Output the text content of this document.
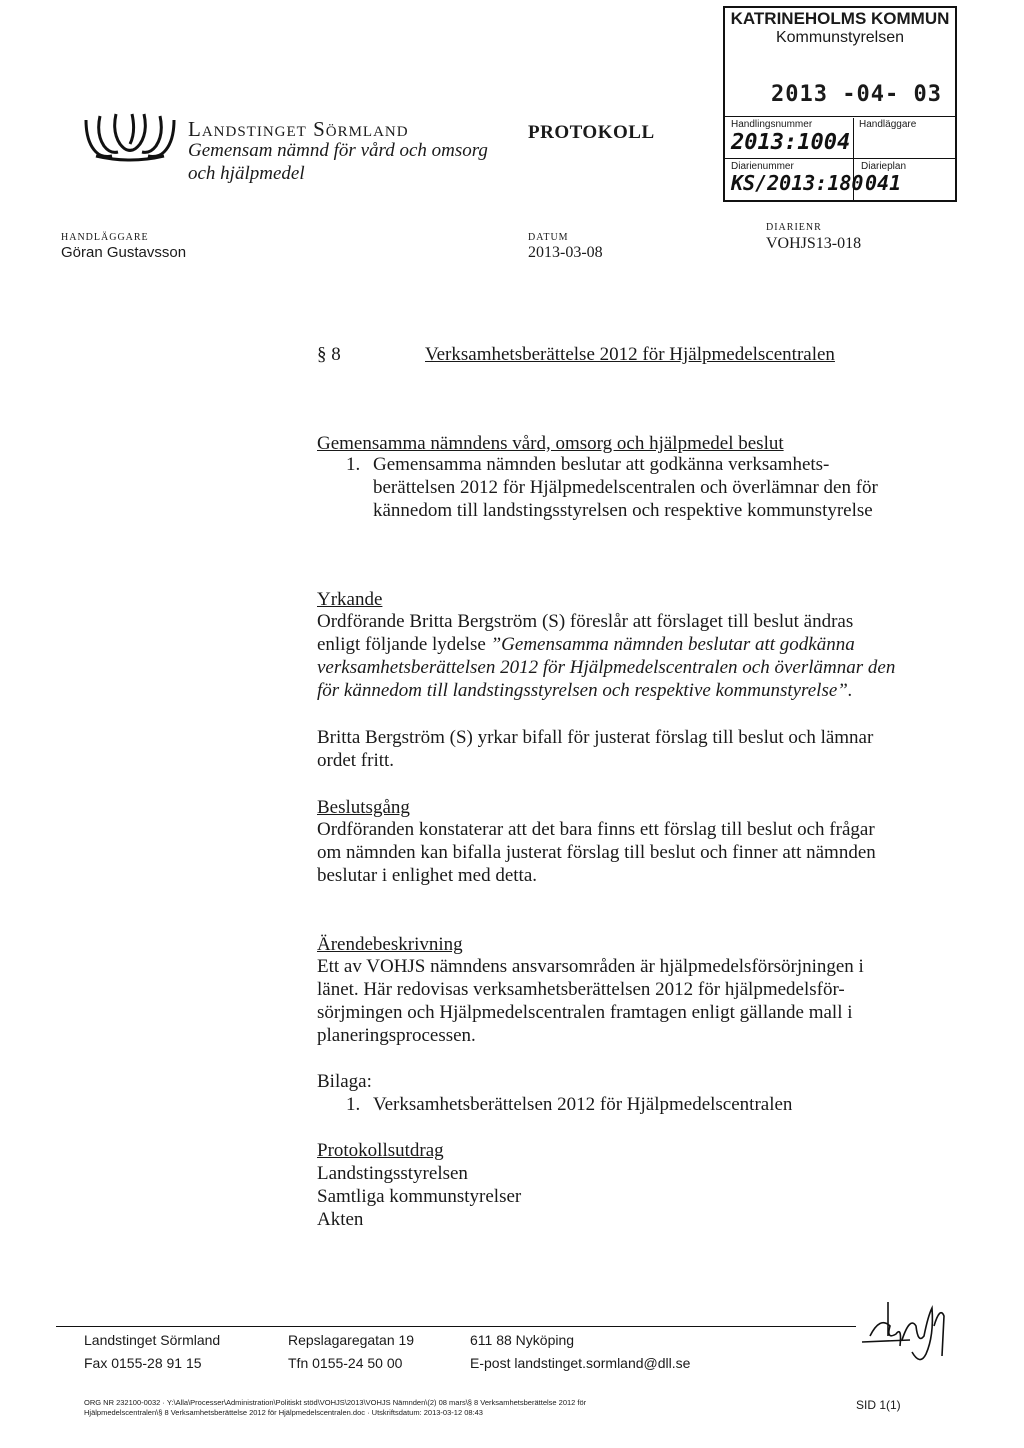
KATRINEHOLMS KOMMUN
Kommunstyrelsen
2013 -04- 03
Handlingsnummer
2013:1004
Handläggare
Diarienummer
KS/2013:180
Diarieplan
041
Landstinget Sörmland
Gemensam nämnd för vård och omsorg och hjälpmedel
HANDLÄGGARE
Göran Gustavsson
PROTOKOLL
DATUM
2013-03-08
DIARIENR
VOHJS13-018
§ 8	Verksamhetsberättelse 2012 för Hjälpmedelscentralen
Gemensamma nämndens vård, omsorg och hjälpmedel beslut
1. Gemensamma nämnden beslutar att godkänna verksamhets-
berättelsen 2012 för Hjälpmedelscentralen och överlämnar den för
kännedom till landstingsstyrelsen och respektive kommunstyrelse
Yrkande
Ordförande Britta Bergström (S) föreslår att förslaget till beslut ändras
enligt följande lydelse ”Gemensamma nämnden beslutar att godkänna
verksamhetsberättelsen 2012 för Hjälpmedelscentralen och överlämnar den
för kännedom till landstingsstyrelsen och respektive kommunstyrelse”.
Britta Bergström (S) yrkar bifall för justerat förslag till beslut och lämnar
ordet fritt.
Beslutsgång
Ordföranden konstaterar att det bara finns ett förslag till beslut och frågar
om nämnden kan bifalla justerat förslag till beslut och finner att nämnden
beslutar i enlighet med detta.
Ärendebeskrivning
Ett av VOHJS nämndens ansvarsområden är hjälpmedelsförsörjningen i
länet. Här redovisas verksamhetsberättelsen 2012 för hjälpmedelsför-
sörjmingen och Hjälpmedelscentralen framtagen enligt gällande mall i
planeringsprocessen.
Bilaga:
1. Verksamhetsberättelsen 2012 för Hjälpmedelscentralen
Protokollsutdrag
Landstingsstyrelsen
Samtliga kommunstyrelser
Akten
Landstinget Sörmland
Fax 0155-28 91 15
Repslagaregatan 19
Tfn 0155-24 50 00
611 88 Nyköping
E-post landstinget.sormland@dll.se
ORG NR 232100-0032 · Y:\Alla\Processer\Administration\Politiskt stöd\VOHJS\2013\VOHJS Nämnden\(2) 08 mars\§ 8 Verksamhetsberättelse 2012 för
Hjälpmedelscentralen\§ 8 Verksamhetsberättelse 2012 för Hjälpmedelscentralen.doc · Utskriftsdatum: 2013-03-12 08:43
SID 1(1)
